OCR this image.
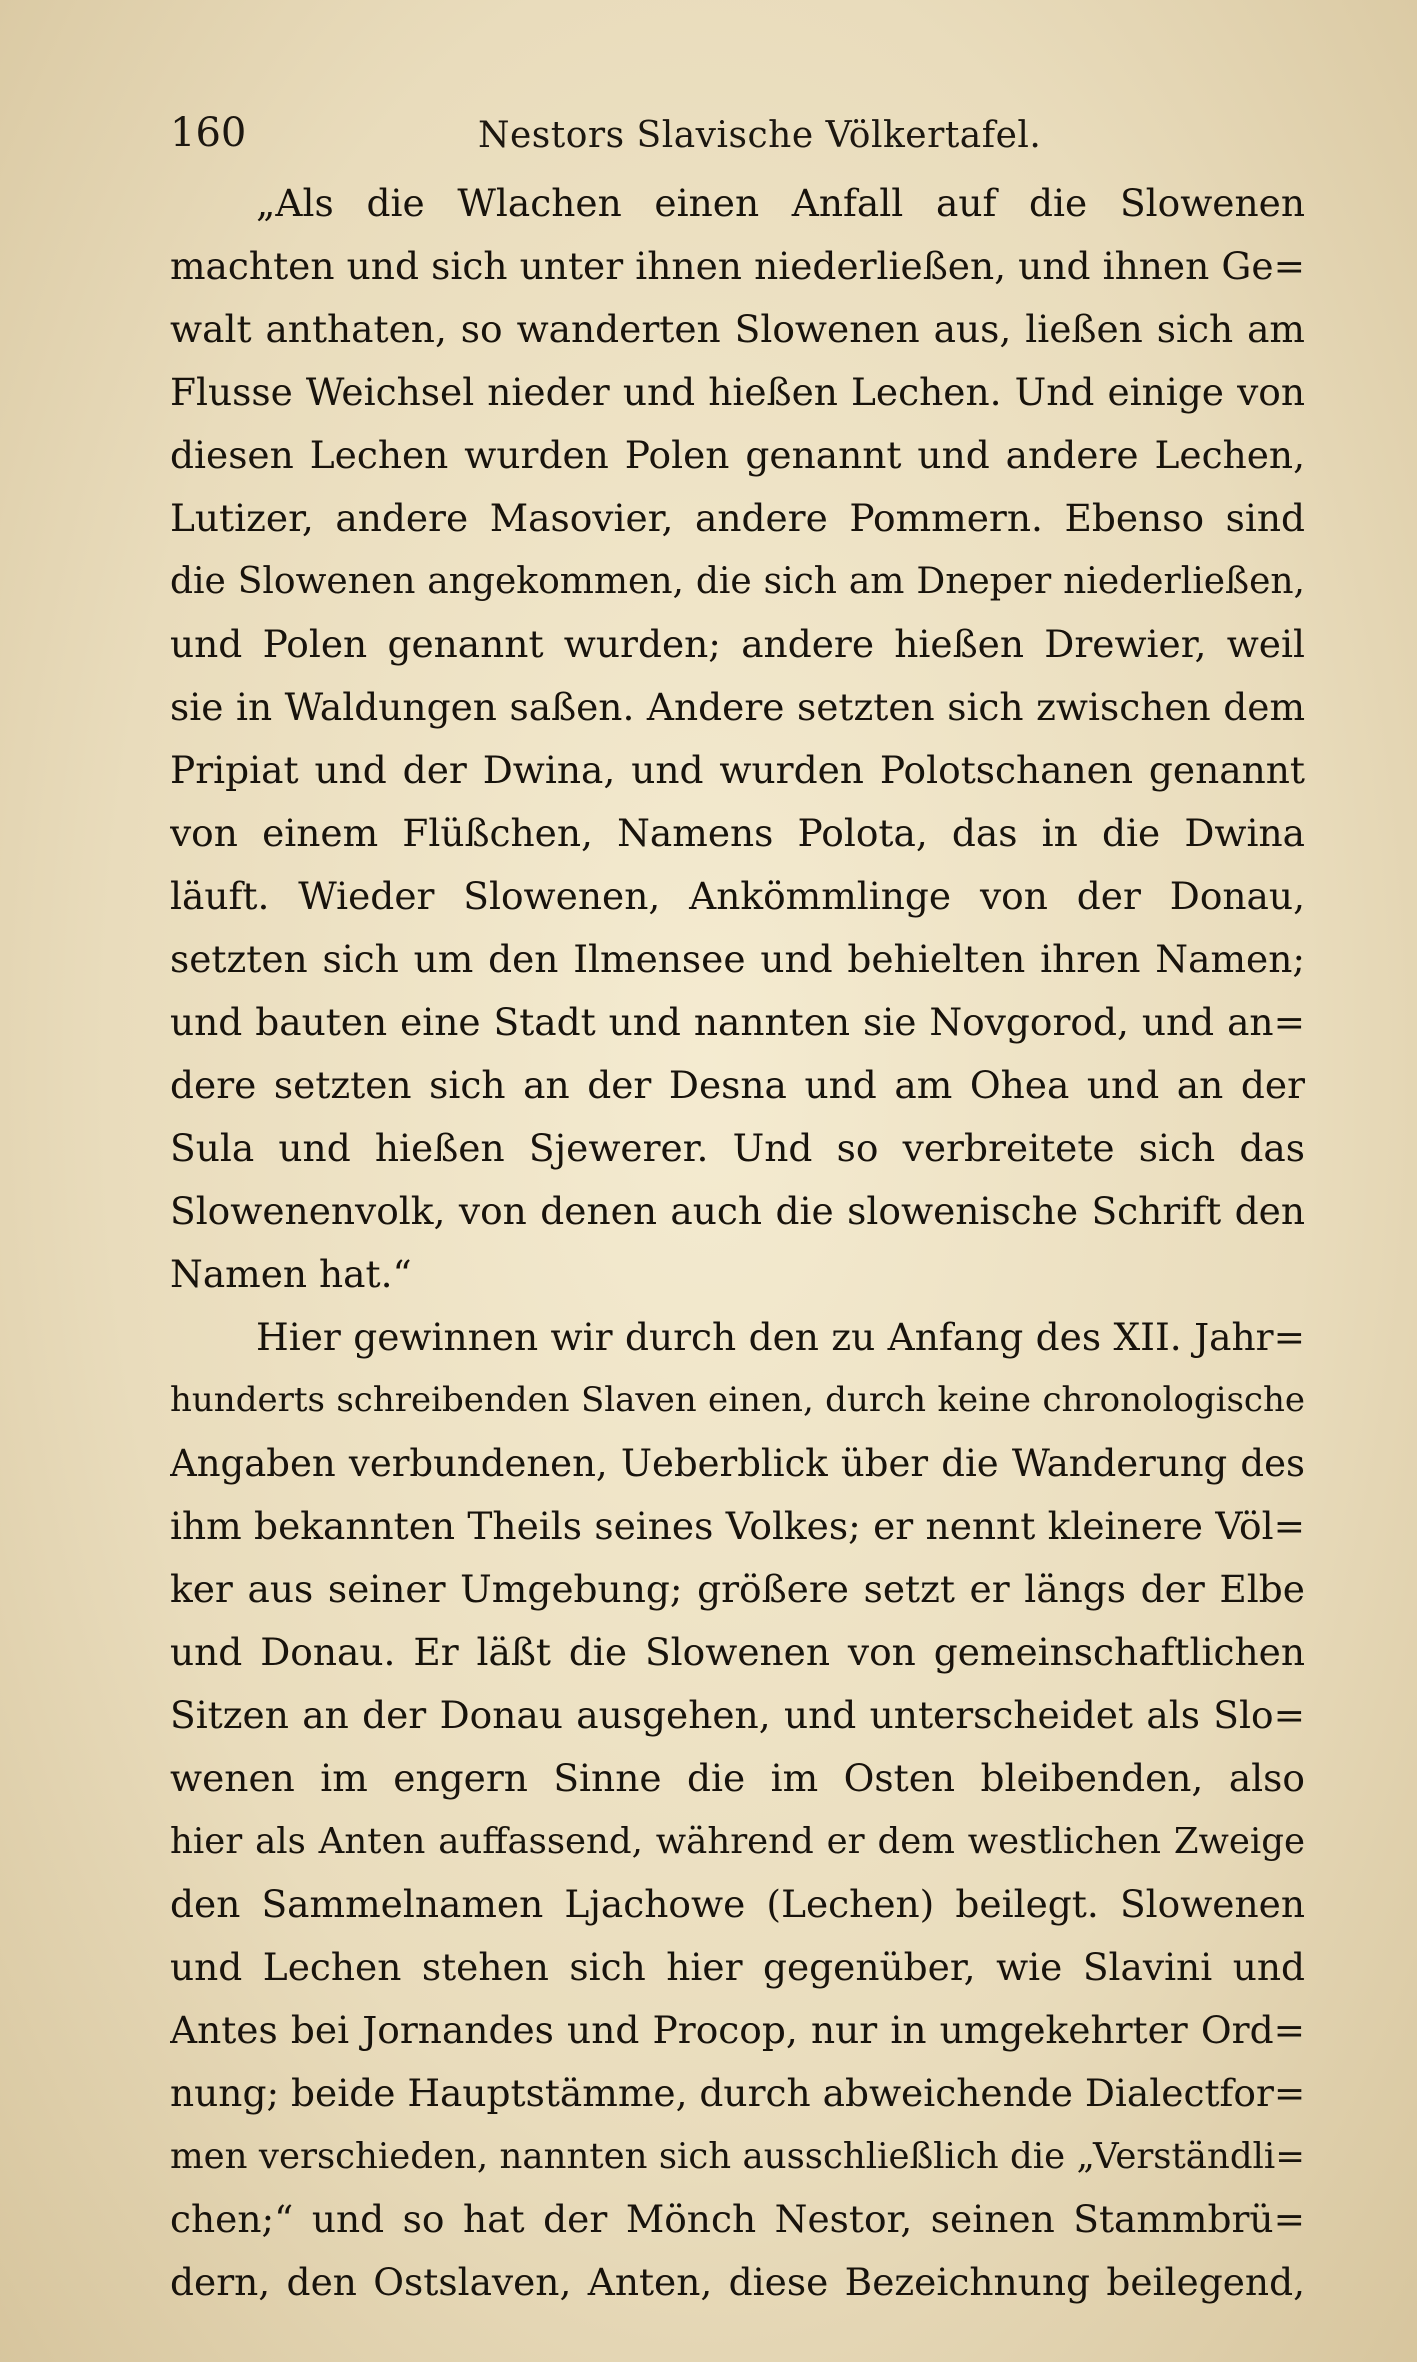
160	Nestors Slavische Völkertafel.
„Als die Wlachen einen Anfall auf die Slowenen
machten und sich unter ihnen niederließen, und ihnen Ge=
walt anthaten, so wanderten Slowenen aus, ließen sich am
Flusse Weichsel nieder und hießen Lechen. Und einige von
diesen Lechen wurden Polen genannt und andere Lechen,
Lutizer, andere Masovier, andere Pommern. Ebenso sind
die Slowenen angekommen, die sich am Dneper niederließen,
und Polen genannt wurden; andere hießen Drewier, weil
sie in Waldungen saßen. Andere setzten sich zwischen dem
Pripiat und der Dwina, und wurden Polotschanen genannt
von einem Flüßchen, Namens Polota, das in die Dwina
läuft. Wieder Slowenen, Ankömmlinge von der Donau,
setzten sich um den Ilmensee und behielten ihren Namen;
und bauten eine Stadt und nannten sie Novgorod, und an=
dere setzten sich an der Desna und am Ohea und an der
Sula und hießen Sjewerer. Und so verbreitete sich das
Slowenenvolk, von denen auch die slowenische Schrift den
Namen hat.“
Hier gewinnen wir durch den zu Anfang des XII. Jahr=
hunderts schreibenden Slaven einen, durch keine chronologische
Angaben verbundenen, Ueberblick über die Wanderung des
ihm bekannten Theils seines Volkes; er nennt kleinere Völ=
ker aus seiner Umgebung; größere setzt er längs der Elbe
und Donau. Er läßt die Slowenen von gemeinschaftlichen
Sitzen an der Donau ausgehen, und unterscheidet als Slo=
wenen im engern Sinne die im Osten bleibenden, also
hier als Anten auffassend, während er dem westlichen Zweige
den Sammelnamen Ljachowe (Lechen) beilegt. Slowenen
und Lechen stehen sich hier gegenüber, wie Slavini und
Antes bei Jornandes und Procop, nur in umgekehrter Ord=
nung; beide Hauptstämme, durch abweichende Dialectfor=
men verschieden, nannten sich ausschließlich die „Verständli=
chen;“ und so hat der Mönch Nestor, seinen Stammbrü=
dern, den Ostslaven, Anten, diese Bezeichnung beilegend,
